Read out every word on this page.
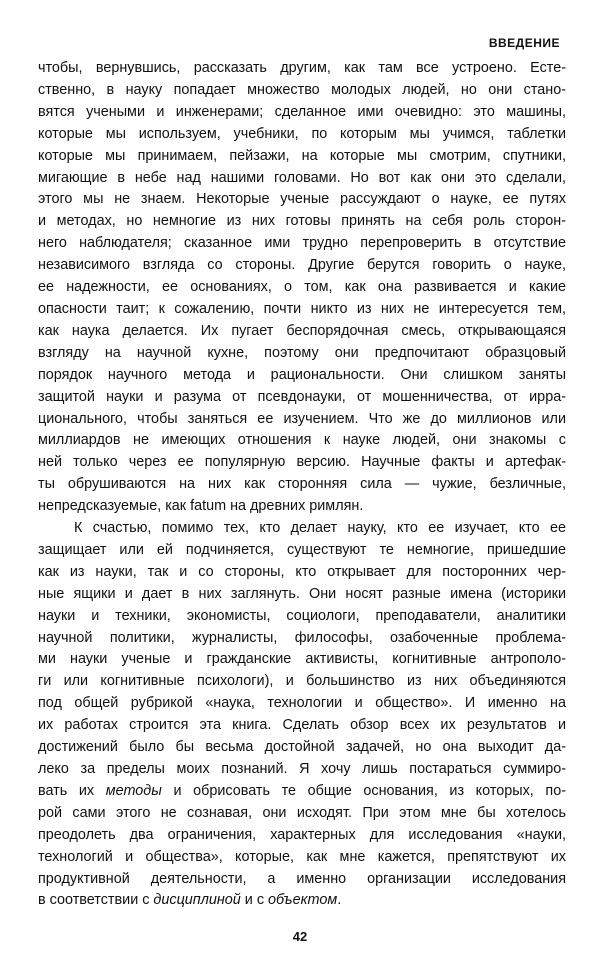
ВВЕДЕНИЕ

чтобы, вернувшись, рассказать другим, как там все устроено. Есте-
ственно, в науку попадает множество молодых людей, но они стано-
вятся учеными и инженерами; сделанное ими очевидно: это машины,
которые мы используем, учебники, по которым мы учимся, таблетки
которые мы принимаем, пейзажи, на которые мы смотрим, спутники,
мигающие в небе над нашими головами. Но вот как они это сделали,
этого мы не знаем. Некоторые ученые рассуждают о науке, ее путях
и методах, но немногие из них готовы принять на себя роль сторон-
него наблюдателя; сказанное ими трудно перепроверить в отсутствие
независимого взгляда со стороны. Другие берутся говорить о науке,
ее надежности, ее основаниях, о том, как она развивается и какие
опасности таит; к сожалению, почти никто из них не интересуется тем,
как наука делается. Их пугает беспорядочная смесь, открывающаяся
взгляду на научной кухне, поэтому они предпочитают образцовый
порядок научного метода и рациональности. Они слишком заняты
защитой науки и разума от псевдонауки, от мошенничества, от ирра-
ционального, чтобы заняться ее изучением. Что же до миллионов или
миллиардов не имеющих отношения к науке людей, они знакомы с
ней только через ее популярную версию. Научные факты и артефак-
ты обрушиваются на них как сторонняя сила — чужие, безличные,
непредсказуемые, как fatum на древних римлян.

К счастью, помимо тех, кто делает науку, кто ее изучает, кто ее
защищает или ей подчиняется, существуют те немногие, пришедшие
как из науки, так и со стороны, кто открывает для посторонних чер-
ные ящики и дает в них заглянуть. Они носят разные имена (историки
науки и техники, экономисты, социологи, преподаватели, аналитики
научной политики, журналисты, философы, озабоченные проблема-
ми науки ученые и гражданские активисты, когнитивные антрополо-
ги или когнитивные психологи), и большинство из них объединяются
под общей рубрикой «наука, технологии и общество». И именно на
их работах строится эта книга. Сделать обзор всех их результатов и
достижений было бы весьма достойной задачей, но она выходит да-
леко за пределы моих познаний. Я хочу лишь постараться суммиро-
вать их методы и обрисовать те общие основания, из которых, по-
рой сами этого не сознавая, они исходят. При этом мне бы хотелось
преодолеть два ограничения, характерных для исследования «науки,
технологий и общества», которые, как мне кажется, препятствуют их
продуктивной деятельности, а именно организации исследования
в соответствии с дисциплиной и с объектом.

42
